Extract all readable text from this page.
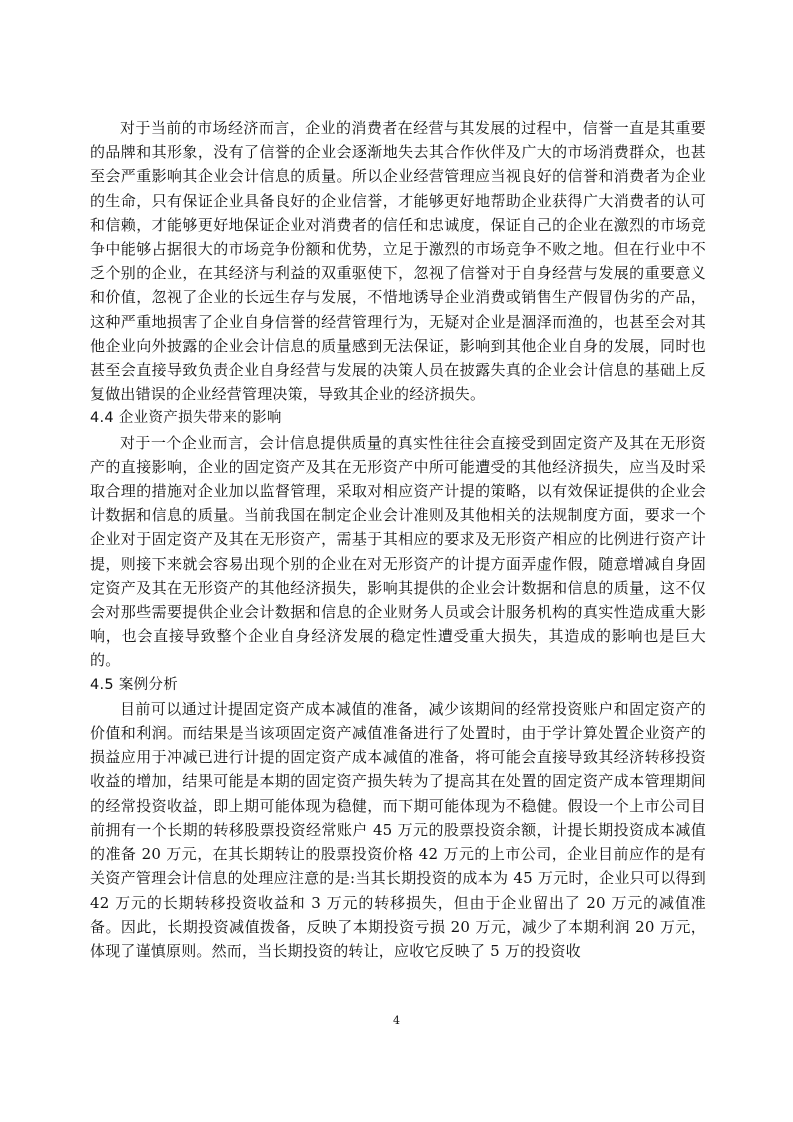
对于当前的市场经济而言，企业的消费者在经营与其发展的过程中，信誉一直是其重要的品牌和其形象，没有了信誉的企业会逐渐地失去其合作伙伴及广大的市场消费群众，也甚至会严重影响其企业会计信息的质量。所以企业经营管理应当视良好的信誉和消费者为企业的生命，只有保证企业具备良好的企业信誉，才能够更好地帮助企业获得广大消费者的认可和信赖，才能够更好地保证企业对消费者的信任和忠诚度，保证自己的企业在激烈的市场竞争中能够占据很大的市场竞争份额和优势，立足于激烈的市场竞争不败之地。但在行业中不乏个别的企业，在其经济与利益的双重驱使下，忽视了信誉对于自身经营与发展的重要意义和价值，忽视了企业的长远生存与发展，不惜地诱导企业消费或销售生产假冒伪劣的产品，这种严重地损害了企业自身信誉的经营管理行为，无疑对企业是涸泽而渔的，也甚至会对其他企业向外披露的企业会计信息的质量感到无法保证，影响到其他企业自身的发展，同时也甚至会直接导致负责企业自身经营与发展的决策人员在披露失真的企业会计信息的基础上反复做出错误的企业经营管理决策，导致其企业的经济损失。

4.4 企业资产损失带来的影响

对于一个企业而言，会计信息提供质量的真实性往往会直接受到固定资产及其在无形资产的直接影响，企业的固定资产及其在无形资产中所可能遭受的其他经济损失，应当及时采取合理的措施对企业加以监督管理，采取对相应资产计提的策略，以有效保证提供的企业会计数据和信息的质量。当前我国在制定企业会计准则及其他相关的法规制度方面，要求一个企业对于固定资产及其在无形资产，需基于其相应的要求及无形资产相应的比例进行资产计提，则接下来就会容易出现个别的企业在对无形资产的计提方面弄虚作假，随意增减自身固定资产及其在无形资产的其他经济损失，影响其提供的企业会计数据和信息的质量，这不仅会对那些需要提供企业会计数据和信息的企业财务人员或会计服务机构的真实性造成重大影响，也会直接导致整个企业自身经济发展的稳定性遭受重大损失，其造成的影响也是巨大的。

4.5 案例分析

目前可以通过计提固定资产成本减值的准备，减少该期间的经常投资账户和固定资产的价值和利润。而结果是当该项固定资产减值准备进行了处置时，由于学计算处置企业资产的损益应用于冲减已进行计提的固定资产成本减值的准备，将可能会直接导致其经济转移投资收益的增加，结果可能是本期的固定资产损失转为了提高其在处置的固定资产成本管理期间的经常投资收益，即上期可能体现为稳健，而下期可能体现为不稳健。假设一个上市公司目前拥有一个长期的转移股票投资经常账户 45 万元的股票投资余额，计提长期投资成本减值的准备 20 万元，在其长期转让的股票投资价格 42 万元的上市公司，企业目前应作的是有关资产管理会计信息的处理应注意的是:当其长期投资的成本为 45 万元时，企业只可以得到 42 万元的长期转移投资收益和 3 万元的转移损失，但由于企业留出了 20 万元的减值准备。因此，长期投资减值拨备，反映了本期投资亏损 20 万元，减少了本期利润 20 万元，体现了谨慎原则。然而，当长期投资的转让，应收它反映了 5 万的投资收

4
